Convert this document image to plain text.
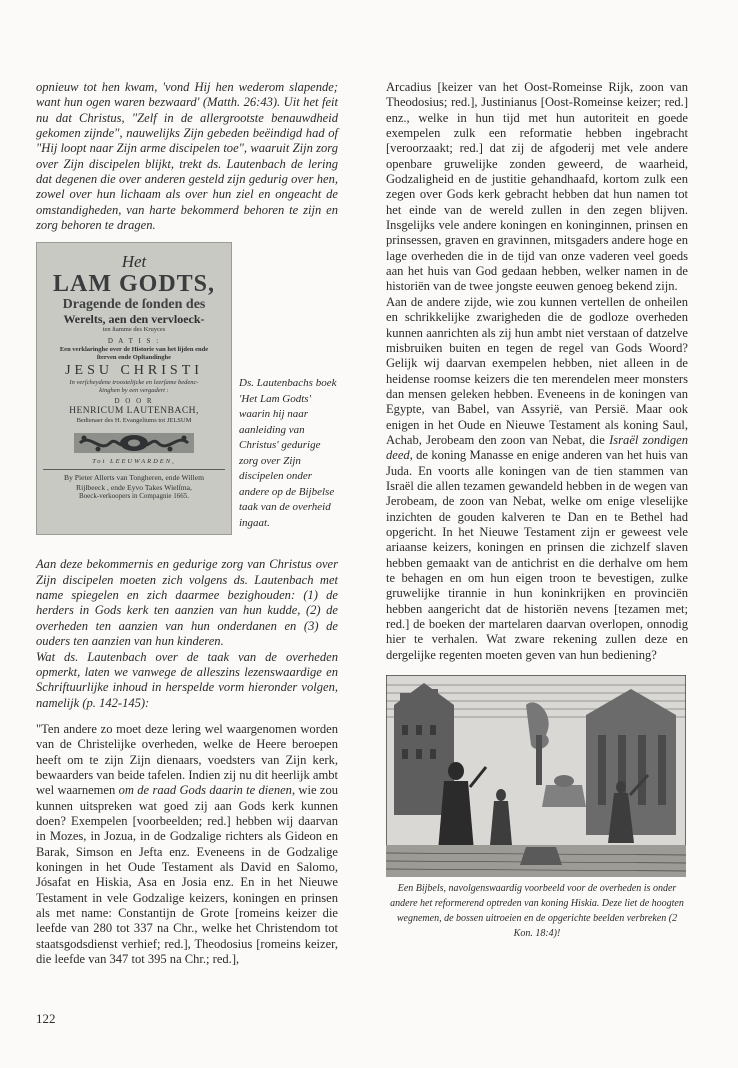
opnieuw tot hen kwam, 'vond Hij hen wederom slapende; want hun ogen waren bezwaard' (Matth. 26:43). Uit het feit nu dat Christus, "Zelf in de allergrootste benauwdheid gekomen zijnde", nauwelijks Zijn gebeden beëindigd had of "Hij loopt naar Zijn arme discipelen toe", waaruit Zijn zorg over Zijn discipelen blijkt, trekt ds. Lautenbach de lering dat degenen die over anderen gesteld zijn gedurig over hen, zowel over hun lichaam als over hun ziel en ongeacht de omstandigheden, van harte bekommerd behoren te zijn en zorg behoren te dragen.

Het
LAM GODTS,
Dragende de ſonden des
Werelts, aen den vervloeck-
ten ſtamme des Kruyces
D A T I S :
Een verklaringhe over de Historie van het lijden ende
ſterven ende Opſtandinghe
JESU CHRISTI
In verſcheydene troostelijcke en leerſame bedenc-
kinghen by een vergadert :
D O O R
HENRICUM LAUTENBACH,
Bedienaer des H. Evangeliums tot JELSUM
Tot LEEUWARDEN,
By Pieter Allerts van Tongheren, ende Willem
Rijlbeeck , ende Eyvo Takes Wielſma,
Boeck-verkoopers in Compagnie 1665.
Ds. Lautenbachs boek 'Het Lam Godts' waarin hij naar aanleiding van Christus' gedurige zorg over Zijn discipelen onder andere op de Bijbelse taak van de overheid ingaat.

Aan deze bekommernis en gedurige zorg van Christus over Zijn discipelen moeten zich volgens ds. Lautenbach met name spiegelen en zich daarmee bezighouden: (1) de herders in Gods kerk ten aanzien van hun kudde, (2) de overheden ten aanzien van hun onderdanen en (3) de ouders ten aanzien van hun kinderen.

Wat ds. Lautenbach over de taak van de overheden opmerkt, laten we vanwege de alleszins lezenswaardige en Schriftuurlijke inhoud in herspelde vorm hieronder volgen, namelijk (p. 142-145):

"Ten andere zo moet deze lering wel waargenomen worden van de Christelijke overheden, welke de Heere beroepen heeft om te zijn Zijn dienaars, voedsters van Zijn kerk, bewaarders van beide tafelen. Indien zij nu dit heerlijk ambt wel waarnemen om de raad Gods daarin te dienen, wie zou kunnen uitspreken wat goed zij aan Gods kerk kunnen doen? Exempelen [voorbeelden; red.] hebben wij daarvan in Mozes, in Jozua, in de Godzalige richters als Gideon en Barak, Simson en Jefta enz. Eveneens in de Godzalige koningen in het Oude Testament als David en Salomo, Jósafat en Hiskia, Asa en Josia enz. En in het Nieuwe Testament in vele Godzalige keizers, koningen en prinsen als met name: Constantijn de Grote [romeins keizer die leefde van 280 tot 337 na Chr., welke het Christendom tot staatsgodsdienst verhief; red.], Theodosius [romeins keizer, die leefde van 347 tot 395 na Chr.; red.],

Arcadius [keizer van het Oost-Romeinse Rijk, zoon van Theodosius; red.], Justinianus [Oost-Romeinse keizer; red.] enz., welke in hun tijd met hun autoriteit en goede exempelen zulk een reformatie hebben ingebracht [veroorzaakt; red.] dat zij de afgoderij met vele andere openbare gruwelijke zonden geweerd, de waarheid, Godzaligheid en de justitie gehandhaafd, kortom zulk een zegen over Gods kerk gebracht hebben dat hun namen tot het einde van de wereld zullen in den zegen blijven. Insgelijks vele andere koningen en koninginnen, prinsen en prinsessen, graven en gravinnen, mitsgaders andere hoge en lage overheden die in de tijd van onze vaderen veel goeds aan het huis van God gedaan hebben, welker namen in de historiën van de twee jongste eeuwen genoeg bekend zijn.

Aan de andere zijde, wie zou kunnen vertellen de onheilen en schrikkelijke zwarigheden die de godloze overheden kunnen aanrichten als zij hun ambt niet verstaan of datzelve misbruiken buiten en tegen de regel van Gods Woord? Gelijk wij daarvan exempelen hebben, niet alleen in de heidense roomse keizers die ten merendelen meer monsters dan mensen geleken hebben. Eveneens in de koningen van Egypte, van Babel, van Assyrië, van Persië. Maar ook enigen in het Oude en Nieuwe Testament als koning Saul, Achab, Jerobeam den zoon van Nebat, die Israël zondigen deed, de koning Manasse en enige anderen van het huis van Juda. En voorts alle koningen van de tien stammen van Israël die allen tezamen gewandeld hebben in de wegen van Jerobeam, de zoon van Nebat, welke om enige vleselijke inzichten de gouden kalveren te Dan en te Bethel had opgericht. In het Nieuwe Testament zijn er geweest vele ariaanse keizers, koningen en prinsen die zichzelf slaven hebben gemaakt van de antichrist en die derhalve om hem te behagen en om hun eigen troon te bevestigen, zulke gruwelijke tirannie in hun koninkrijken en provinciën hebben aangericht dat de historiën nevens [tezamen met; red.] de boeken der martelaren daarvan overlopen, onnodig hier te verhalen. Wat zware rekening zullen deze en dergelijke regenten moeten geven van hun bediening?

Een Bijbels, navolgenswaardig voorbeeld voor de overheden is onder andere het reformerend optreden van koning Hiskia. Deze liet de hoogten wegnemen, de bossen uitroeien en de opgerichte beelden verbreken (2 Kon. 18:4)!
122
